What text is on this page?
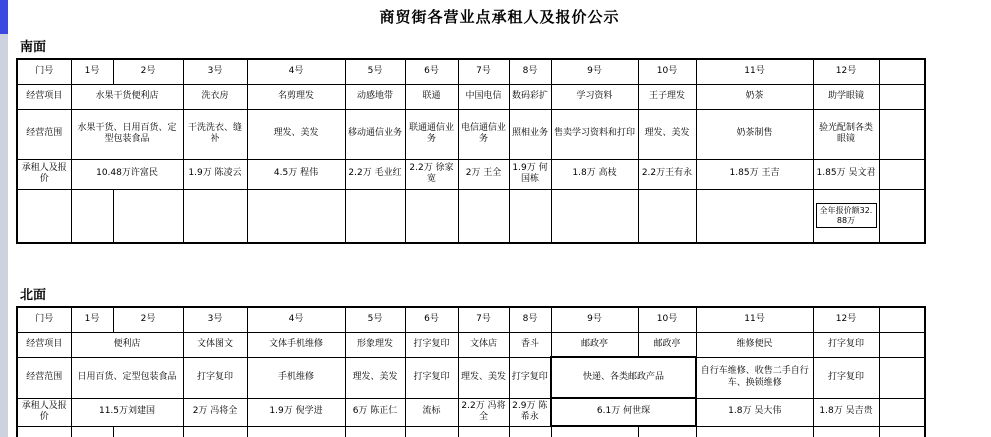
商贸街各营业点承租人及报价公示
南面
门号	1号	2号	3号	4号	5号	6号	7号	8号	9号	10号	11号	12号	
经营项目	水果干货便利店		洗衣房	名剪理发	动感地带	联通	中国电信	数码彩扩	学习资料	王子理发	奶茶	助学眼镜	
经营范围	水果干货、日用百货、定型包装食品		干洗洗衣、缝补	理发、美发	移动通信业务	联通通信业务	电信通信业务	照相业务	售卖学习资料和打印	理发、美发	奶茶制售	验光配制各类眼镜	
承租人及报价	10.48万许富民		1.9万 陈凌云	4.5万 程伟	2.2万 毛业红	2.2万 徐家宽	2万 王全	1.9万 何国栋	1.8万 高枝	2.2万王有永	1.85万 王吉	1.85万 吴文君	
												全年报价额32.88万	
北面
门号	1号	2号	3号	4号	5号	6号	7号	8号	9号	10号	11号	12号	
经营项目	便利店		文体图文	文体手机维修	形象理发	打字复印	文体店	香斗	邮政亭	邮政亭	维修便民	打字复印	
经营范围	日用百货、定型包装食品		打字复印	手机维修	理发、美发	打字复印	理发、美发	打字复印	快递、各类邮政产品		自行车维修、收售二手自行车、换锁维修	打字复印	
承租人及报价	11.5万刘建国		2万 冯将全	1.9万 倪学进	6万 陈正仁	流标	2.2万 冯将全	2.9万 陈希永	6.1万 何世琛		1.8万 吴大伟	1.8万 吴吉贵	
